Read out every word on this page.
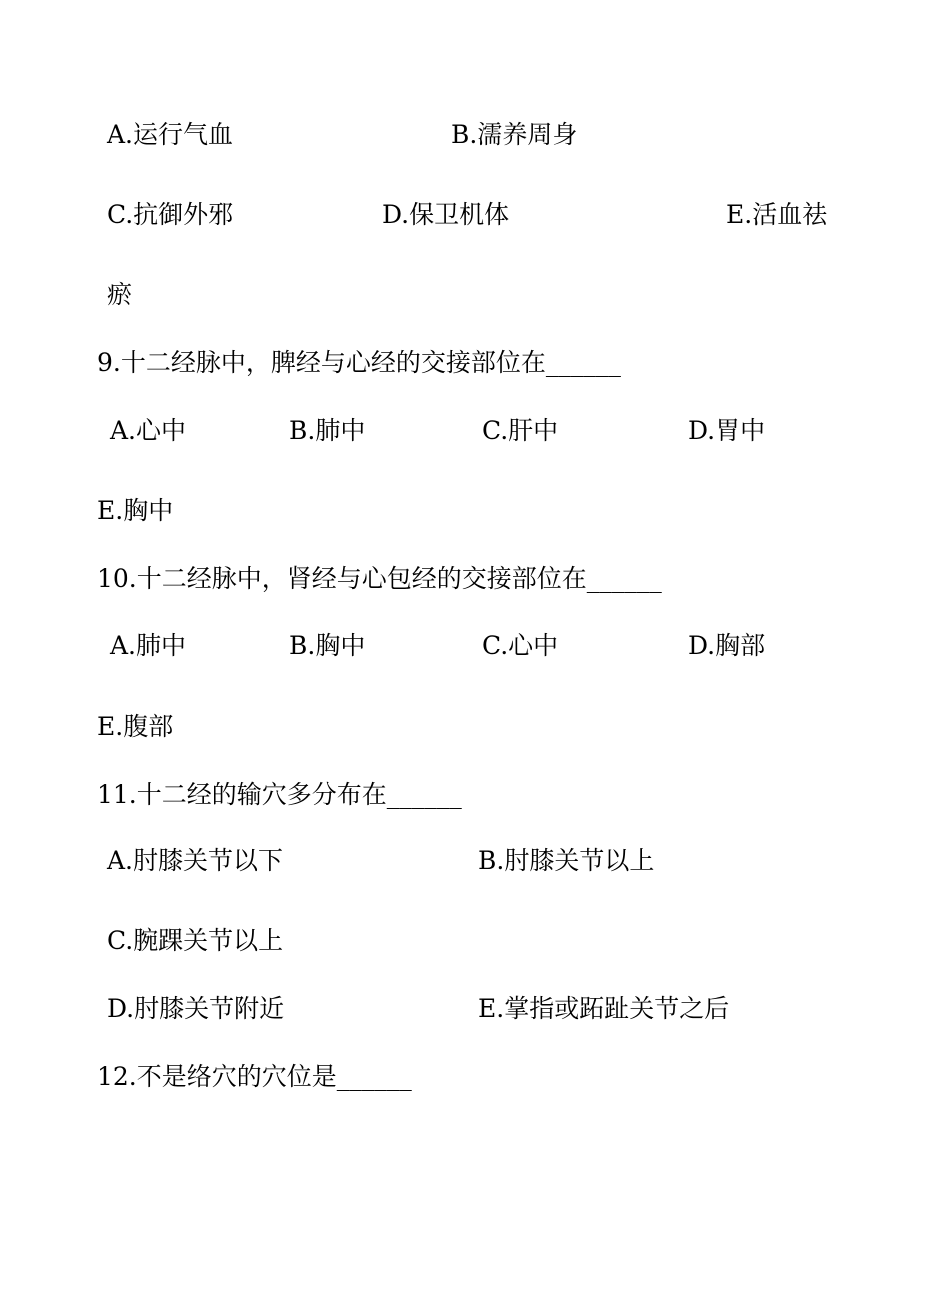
A.运行气血	B.濡养周身
C.抗御外邪	D.保卫机体	E.活血祛
瘀
9.十二经脉中，脾经与心经的交接部位在______
A.心中	B.肺中	C.肝中	D.胃中
E.胸中
10.十二经脉中，肾经与心包经的交接部位在______
A.肺中	B.胸中	C.心中	D.胸部
E.腹部
11.十二经的输穴多分布在______
A.肘膝关节以下	B.肘膝关节以上
C.腕踝关节以上
D.肘膝关节附近	E.掌指或跖趾关节之后
12.不是络穴的穴位是______
